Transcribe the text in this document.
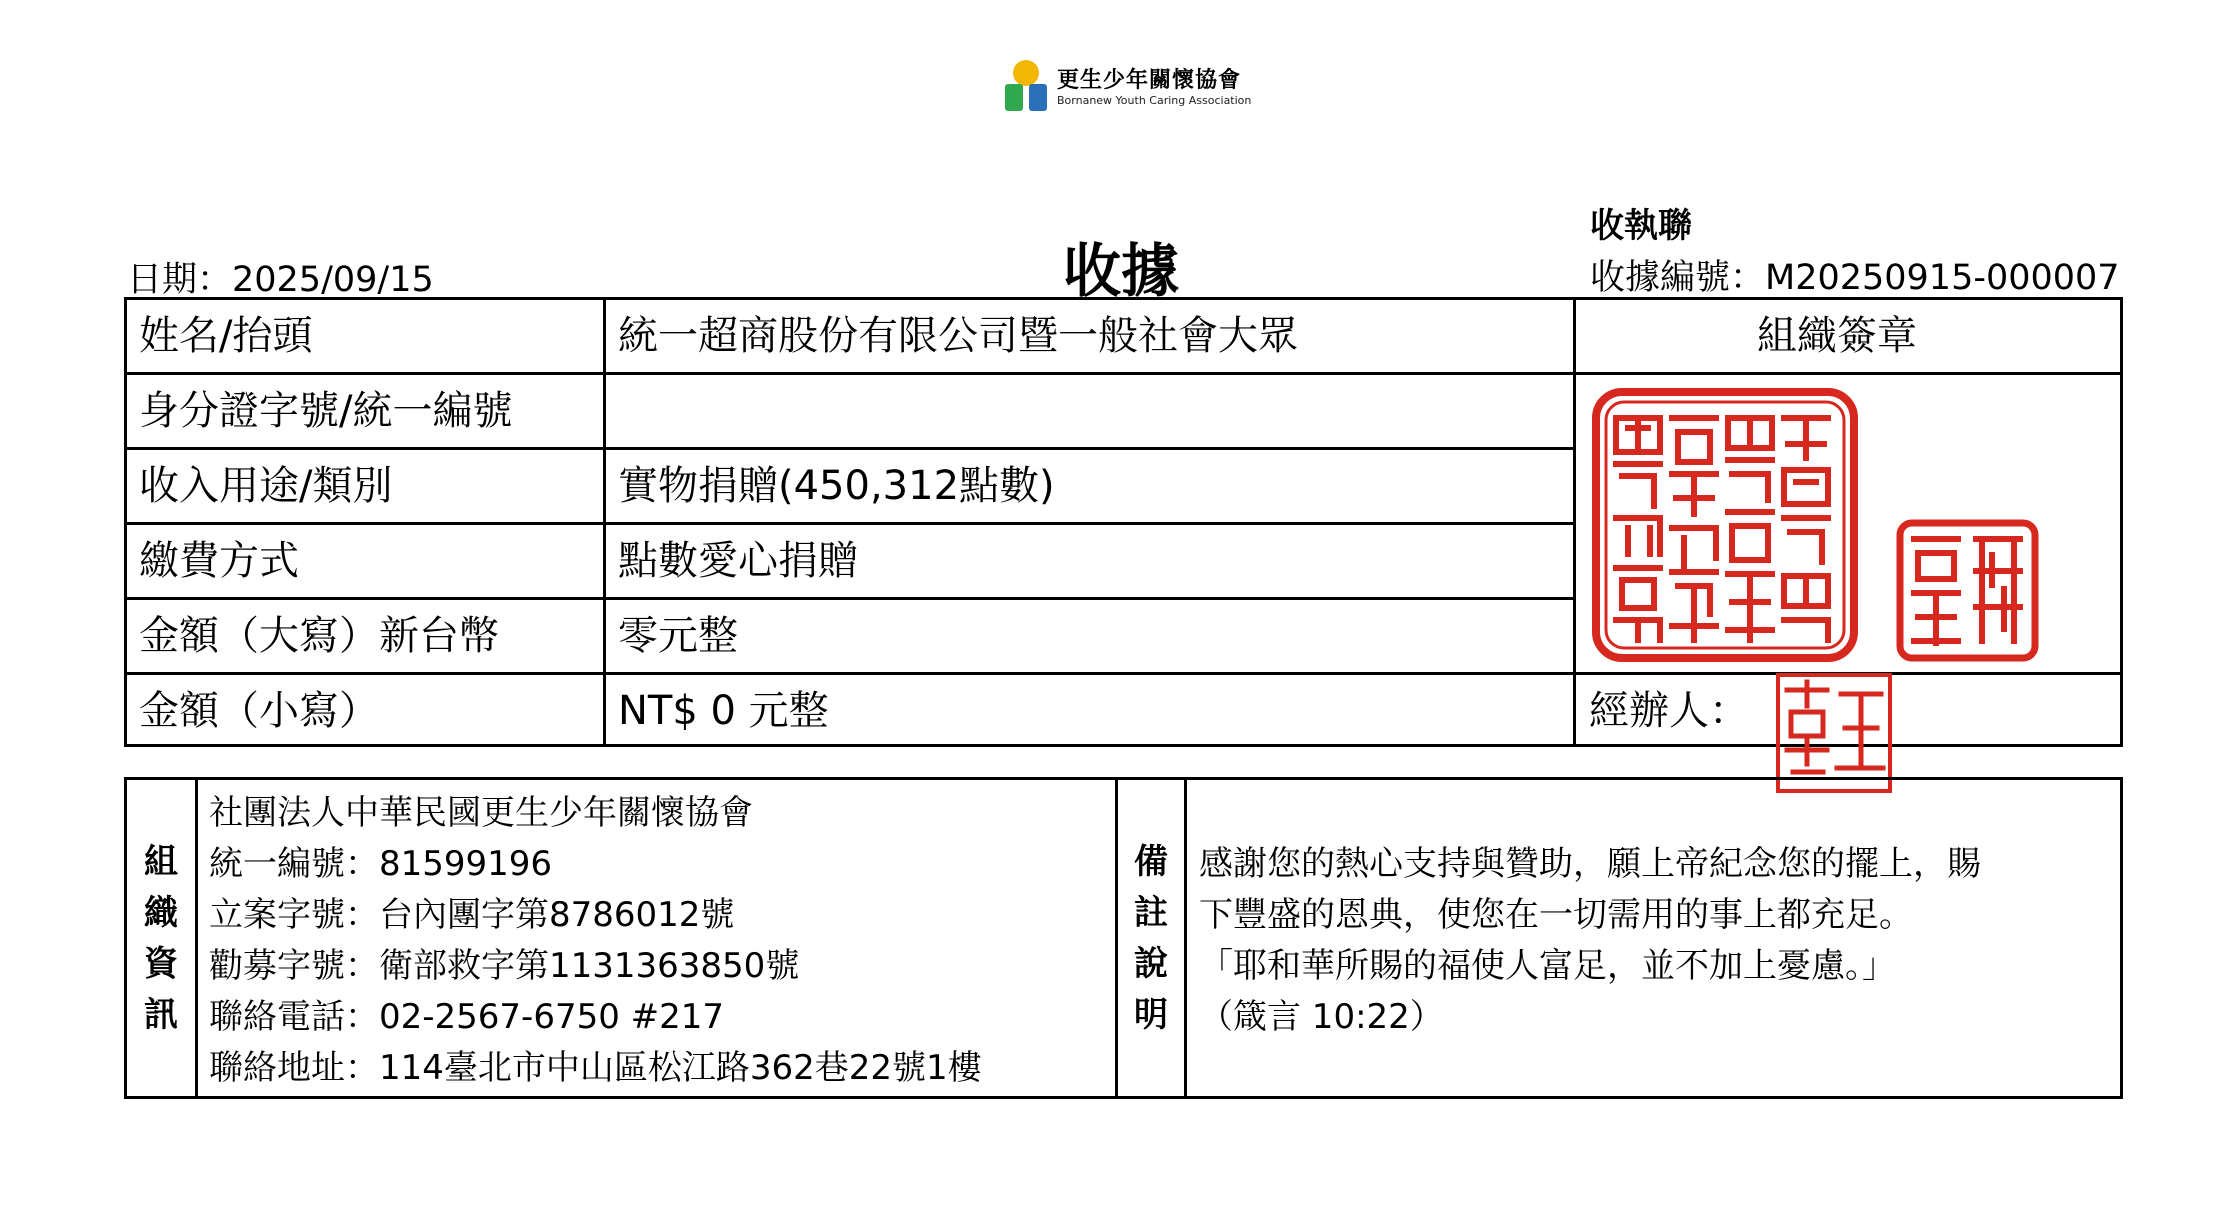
更生少年關懷協會
Bornanew Youth Caring Association
日期：2025/09/15	收據
收執聯
收據編號：M20250915-000007
姓名/抬頭
身分證字號/統一編號
收入用途/類別
繳費方式
金額（大寫）新台幣
金額（小寫）
統一超商股份有限公司暨一般社會大眾
實物捐贈(450,312點數)
點數愛心捐贈
零元整
NT$ 0 元整
組織簽章
經辦人：
組
織
資
訊
社團法人中華民國更生少年關懷協會
統一編號：81599196
立案字號：台內團字第8786012號
勸募字號：衛部救字第1131363850號
聯絡電話：02-2567-6750 #217
聯絡地址：114臺北市中山區松江路362巷22號1樓
備
註
說
明
感謝您的熱心支持與贊助，願上帝紀念您的擺上，賜
下豐盛的恩典，使您在一切需用的事上都充足。
「耶和華所賜的福使人富足，並不加上憂慮。」
（箴言 10:22）
